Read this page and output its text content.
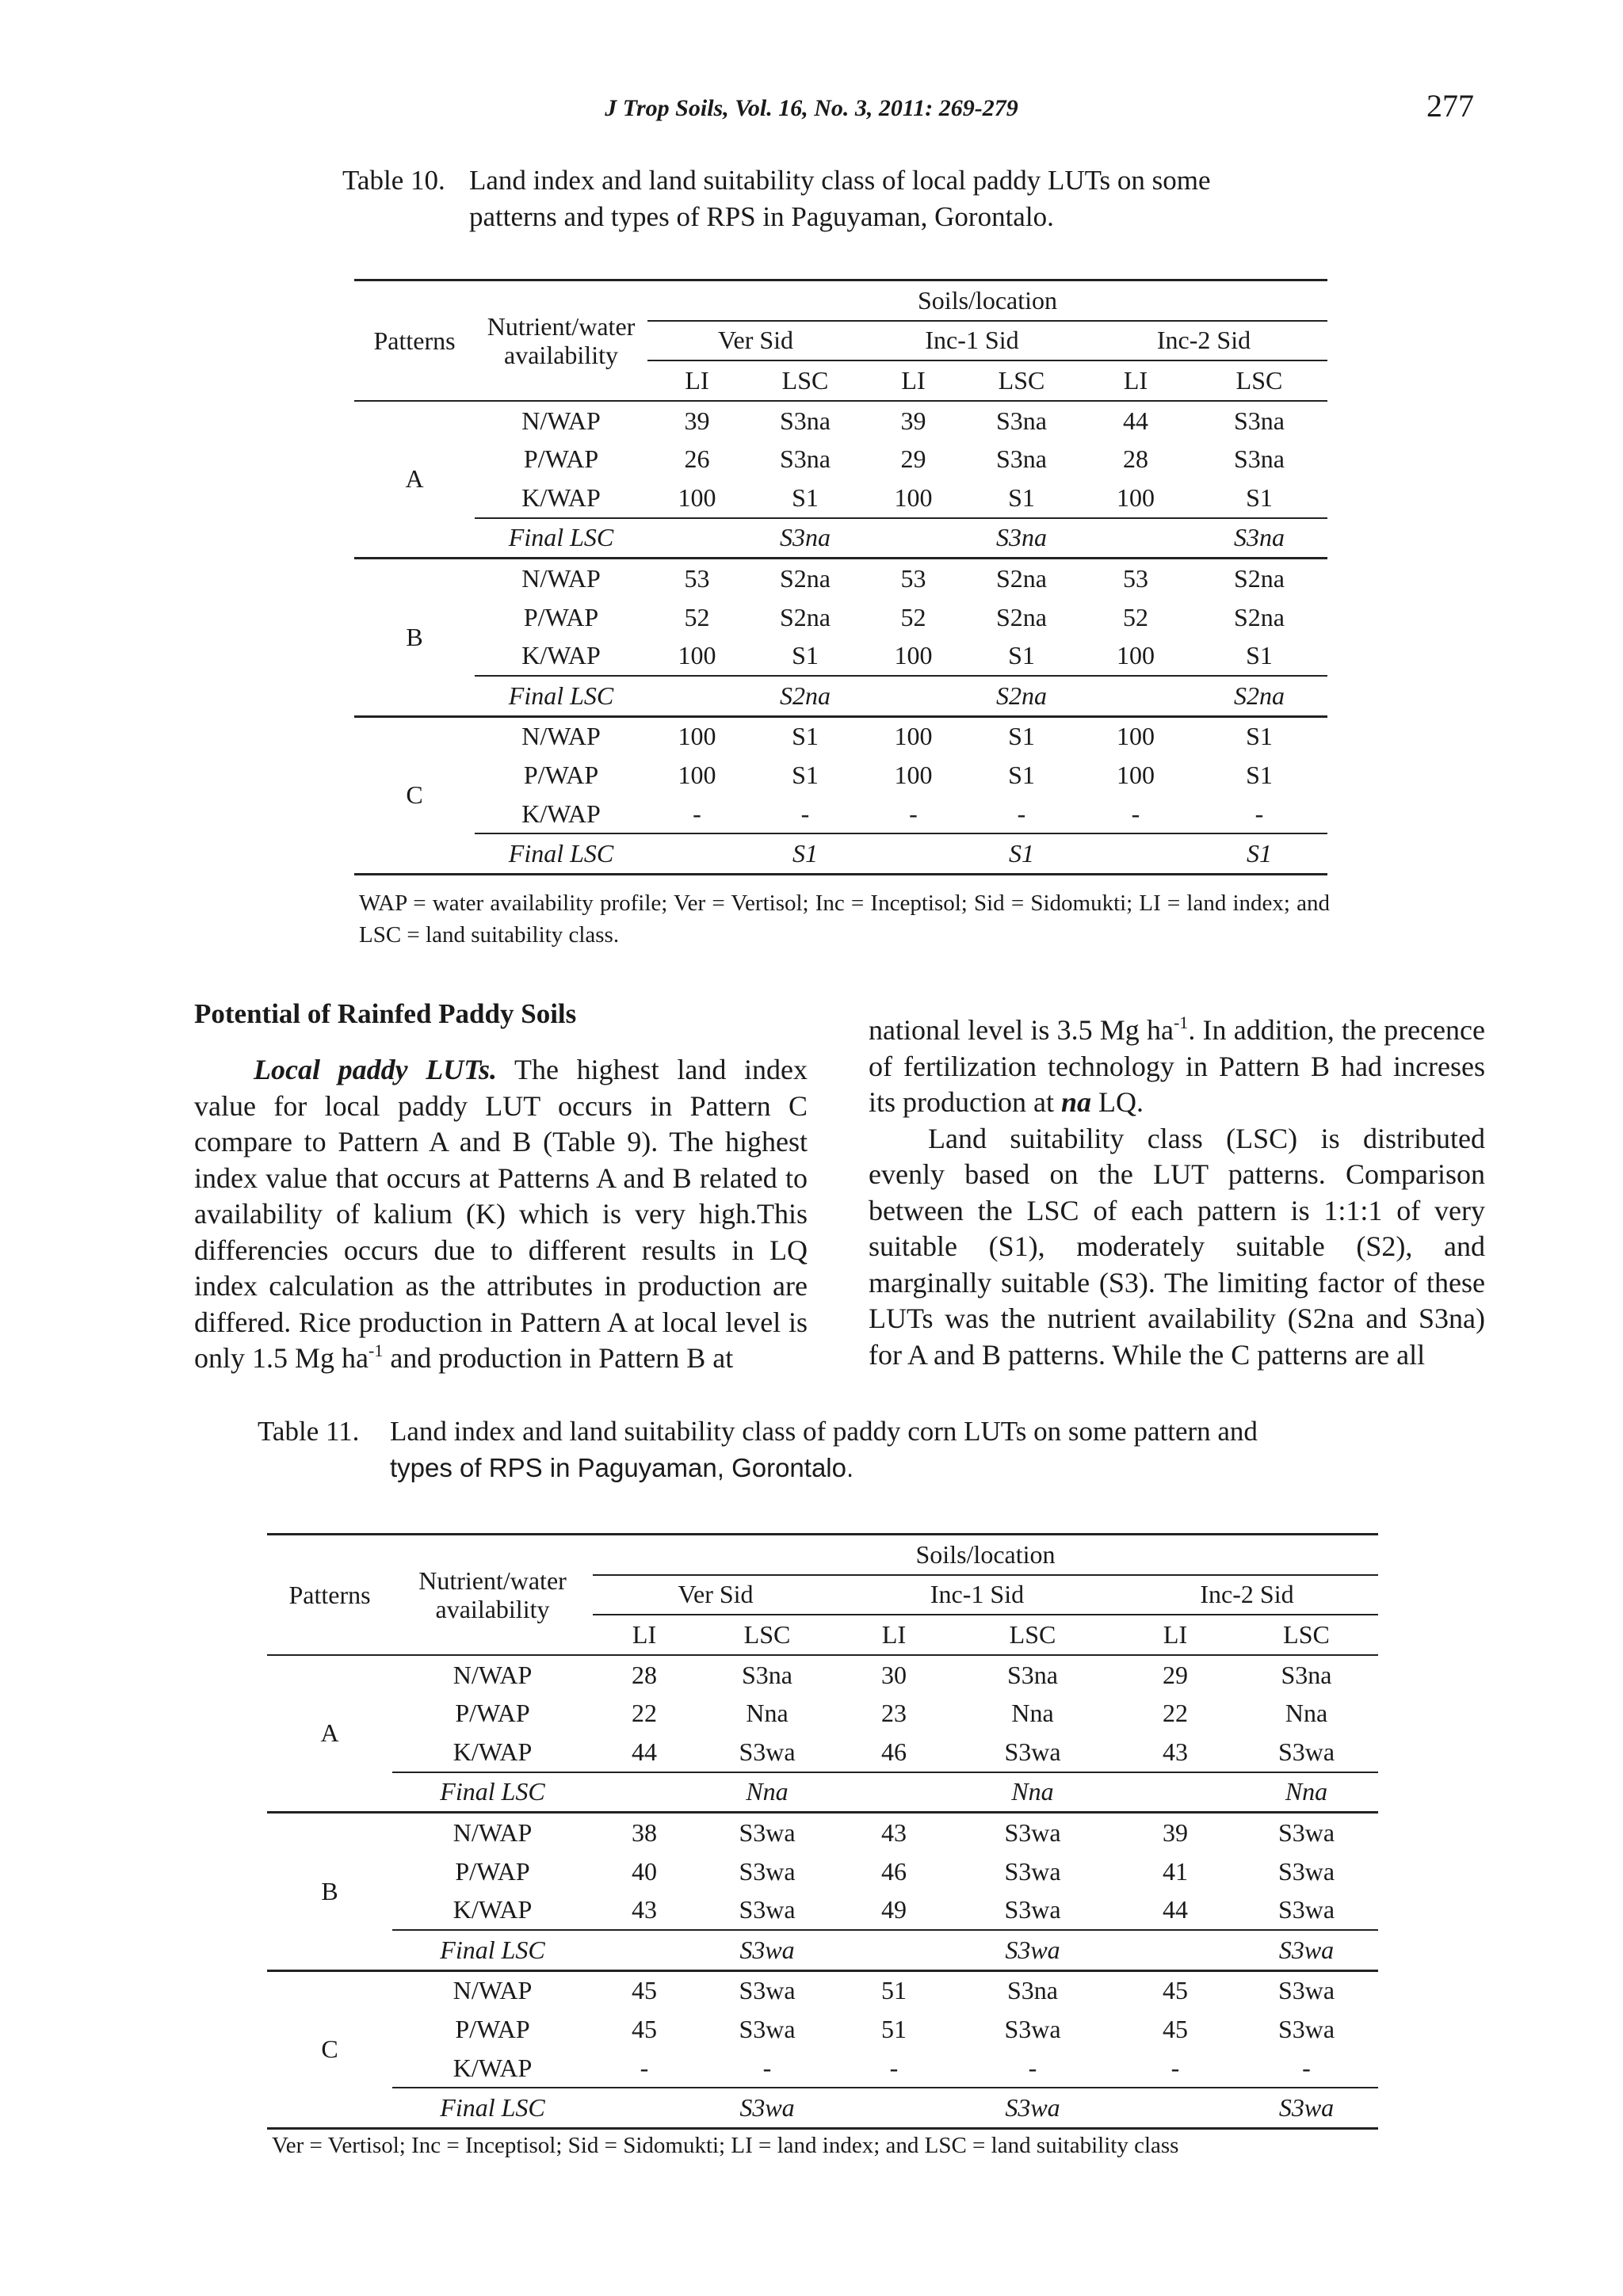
J Trop Soils, Vol. 16, No. 3, 2011: 269-279	277
Table 10. Land index and land suitability class of local paddy LUTs on some
patterns and types of RPS in Paguyaman, Gorontalo.
Patterns	Nutrient/water
availability	Soils/location					
		Ver Sid		Inc-1 Sid		Inc-2 Sid	
		LI	LSC	LI	LSC	LI	LSC
A	N/WAP	39	S3na	39	S3na	44	S3na
	P/WAP	26	S3na	29	S3na	28	S3na
	K/WAP	100	S1	100	S1	100	S1
	Final LSC		S3na		S3na		S3na
B	N/WAP	53	S2na	53	S2na	53	S2na
	P/WAP	52	S2na	52	S2na	52	S2na
	K/WAP	100	S1	100	S1	100	S1
	Final LSC		S2na		S2na		S2na
C	N/WAP	100	S1	100	S1	100	S1
	P/WAP	100	S1	100	S1	100	S1
	K/WAP	-	-	-	-	-	-
	Final LSC		S1		S1		S1
WAP = water availability profile; Ver = Vertisol; Inc = Inceptisol; Sid = Sidomukti; LI = land index; and LSC = land suitability class.
Potential of Rainfed Paddy Soils

Local paddy LUTs. The highest land index value for local paddy LUT occurs in Pattern C compare to Pattern A and B (Table 9). The highest index value that occurs at Patterns A and B related to availability of kalium (K) which is very high.This differencies occurs due to different results in LQ index calculation as the attributes in production are differed. Rice production in Pattern A at local level is only 1.5 Mg $ha^{-1}$ and production in Pattern B at

national level is 3.5 Mg $ha^{-1}$. In addition, the precence of fertilization technology in Pattern B had increses its production at na LQ.

Land suitability class (LSC) is distributed evenly based on the LUT patterns. Comparison between the LSC of each pattern is 1:1:1 of very suitable (S1), moderately suitable (S2), and marginally suitable (S3). The limiting factor of these LUTs was the nutrient availability (S2na and S3na) for A and B patterns. While the C patterns are all

Table 11. Land index and land suitability class of paddy corn LUTs on some pattern and
types of RPS in Paguyaman, Gorontalo.
Patterns	Nutrient/water
availability	Soils/location					
		Ver Sid		Inc-1 Sid		Inc-2 Sid	
		LI	LSC	LI	LSC	LI	LSC
A	N/WAP	28	S3na	30	S3na	29	S3na
	P/WAP	22	Nna	23	Nna	22	Nna
	K/WAP	44	S3wa	46	S3wa	43	S3wa
	Final LSC		Nna		Nna		Nna
B	N/WAP	38	S3wa	43	S3wa	39	S3wa
	P/WAP	40	S3wa	46	S3wa	41	S3wa
	K/WAP	43	S3wa	49	S3wa	44	S3wa
	Final LSC		S3wa		S3wa		S3wa
C	N/WAP	45	S3wa	51	S3na	45	S3wa
	P/WAP	45	S3wa	51	S3wa	45	S3wa
	K/WAP	-	-	-	-	-	-
	Final LSC		S3wa		S3wa		S3wa
Ver = Vertisol; Inc = Inceptisol; Sid = Sidomukti; LI = land index; and LSC = land suitability class
